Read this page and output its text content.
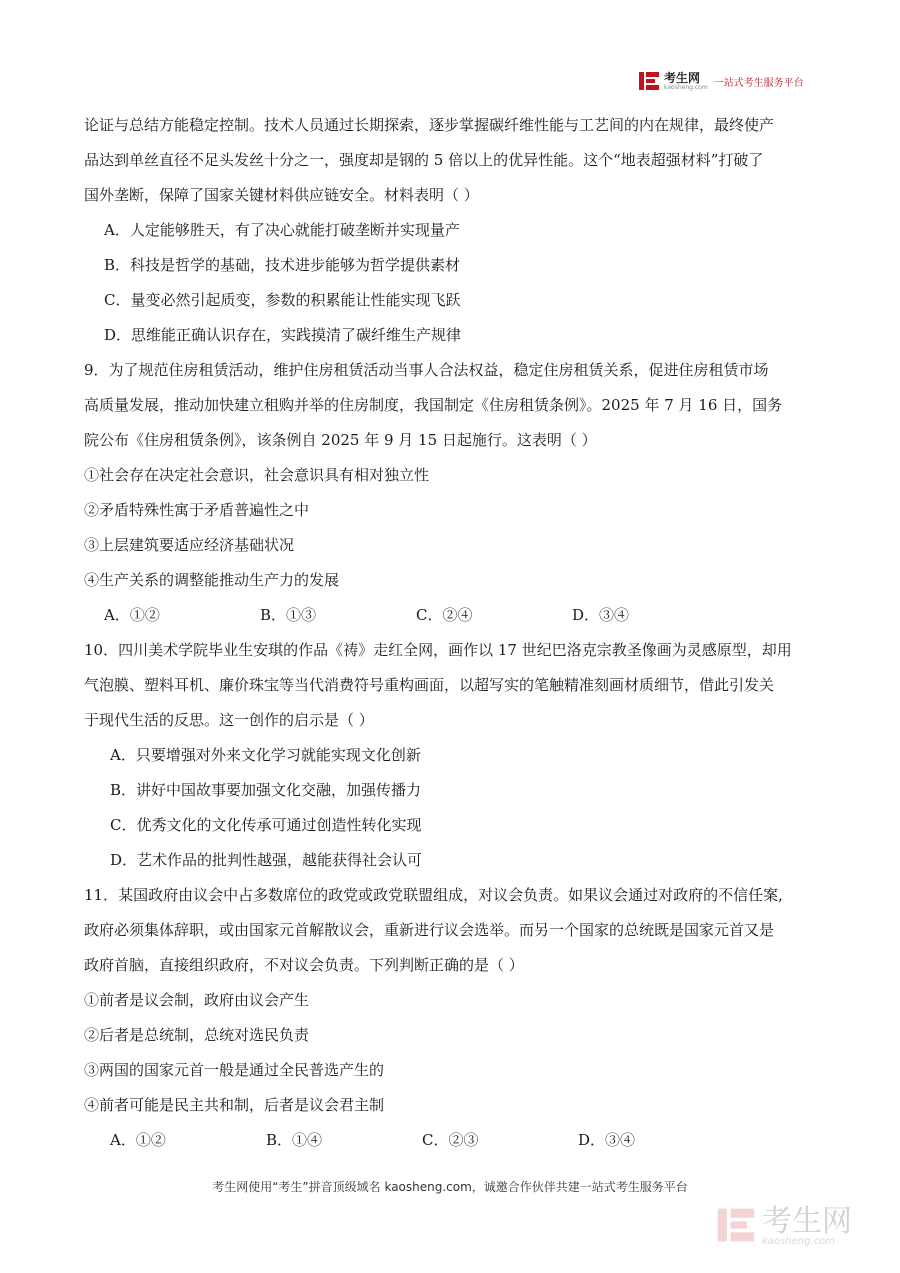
考生网
kaosheng.com 一站式考生服务平台
论证与总结方能稳定控制。技术人员通过长期探索，逐步掌握碳纤维性能与工艺间的内在规律，最终使产
品达到单丝直径不足头发丝十分之一，强度却是钢的 5 倍以上的优异性能。这个“地表超强材料”打破了
国外垄断，保障了国家关键材料供应链安全。材料表明（ ）
A．人定能够胜天，有了决心就能打破垄断并实现量产
B．科技是哲学的基础，技术进步能够为哲学提供素材
C．量变必然引起质变，参数的积累能让性能实现飞跃
D．思维能正确认识存在，实践摸清了碳纤维生产规律
9．为了规范住房租赁活动，维护住房租赁活动当事人合法权益，稳定住房租赁关系，促进住房租赁市场
高质量发展，推动加快建立租购并举的住房制度，我国制定《住房租赁条例》。2025 年 7 月 16 日，国务
院公布《住房租赁条例》，该条例自 2025 年 9 月 15 日起施行。这表明（ ）
①社会存在决定社会意识，社会意识具有相对独立性
②矛盾特殊性寓于矛盾普遍性之中
③上层建筑要适应经济基础状况
④生产关系的调整能推动生产力的发展
A．①②	B．①③	C．②④	D．③④
10．四川美术学院毕业生安琪的作品《祷》走红全网，画作以 17 世纪巴洛克宗教圣像画为灵感原型，却用
气泡膜、塑料耳机、廉价珠宝等当代消费符号重构画面，以超写实的笔触精准刻画材质细节，借此引发关
于现代生活的反思。这一创作的启示是（ ）
A．只要增强对外来文化学习就能实现文化创新
B．讲好中国故事要加强文化交融，加强传播力
C．优秀文化的文化传承可通过创造性转化实现
D．艺术作品的批判性越强，越能获得社会认可
11．某国政府由议会中占多数席位的政党或政党联盟组成，对议会负责。如果议会通过对政府的不信任案,
政府必须集体辞职，或由国家元首解散议会，重新进行议会选举。而另一个国家的总统既是国家元首又是
政府首脑，直接组织政府，不对议会负责。下列判断正确的是（ ）
①前者是议会制，政府由议会产生
②后者是总统制，总统对选民负责
③两国的国家元首一般是通过全民普选产生的
④前者可能是民主共和制，后者是议会君主制
A．①②	B．①④	C．②③	D．③④
考生网使用“考生”拼音顶级域名 kaosheng.com，诚邀合作伙伴共建一站式考生服务平台
考生网
kaosheng.com
